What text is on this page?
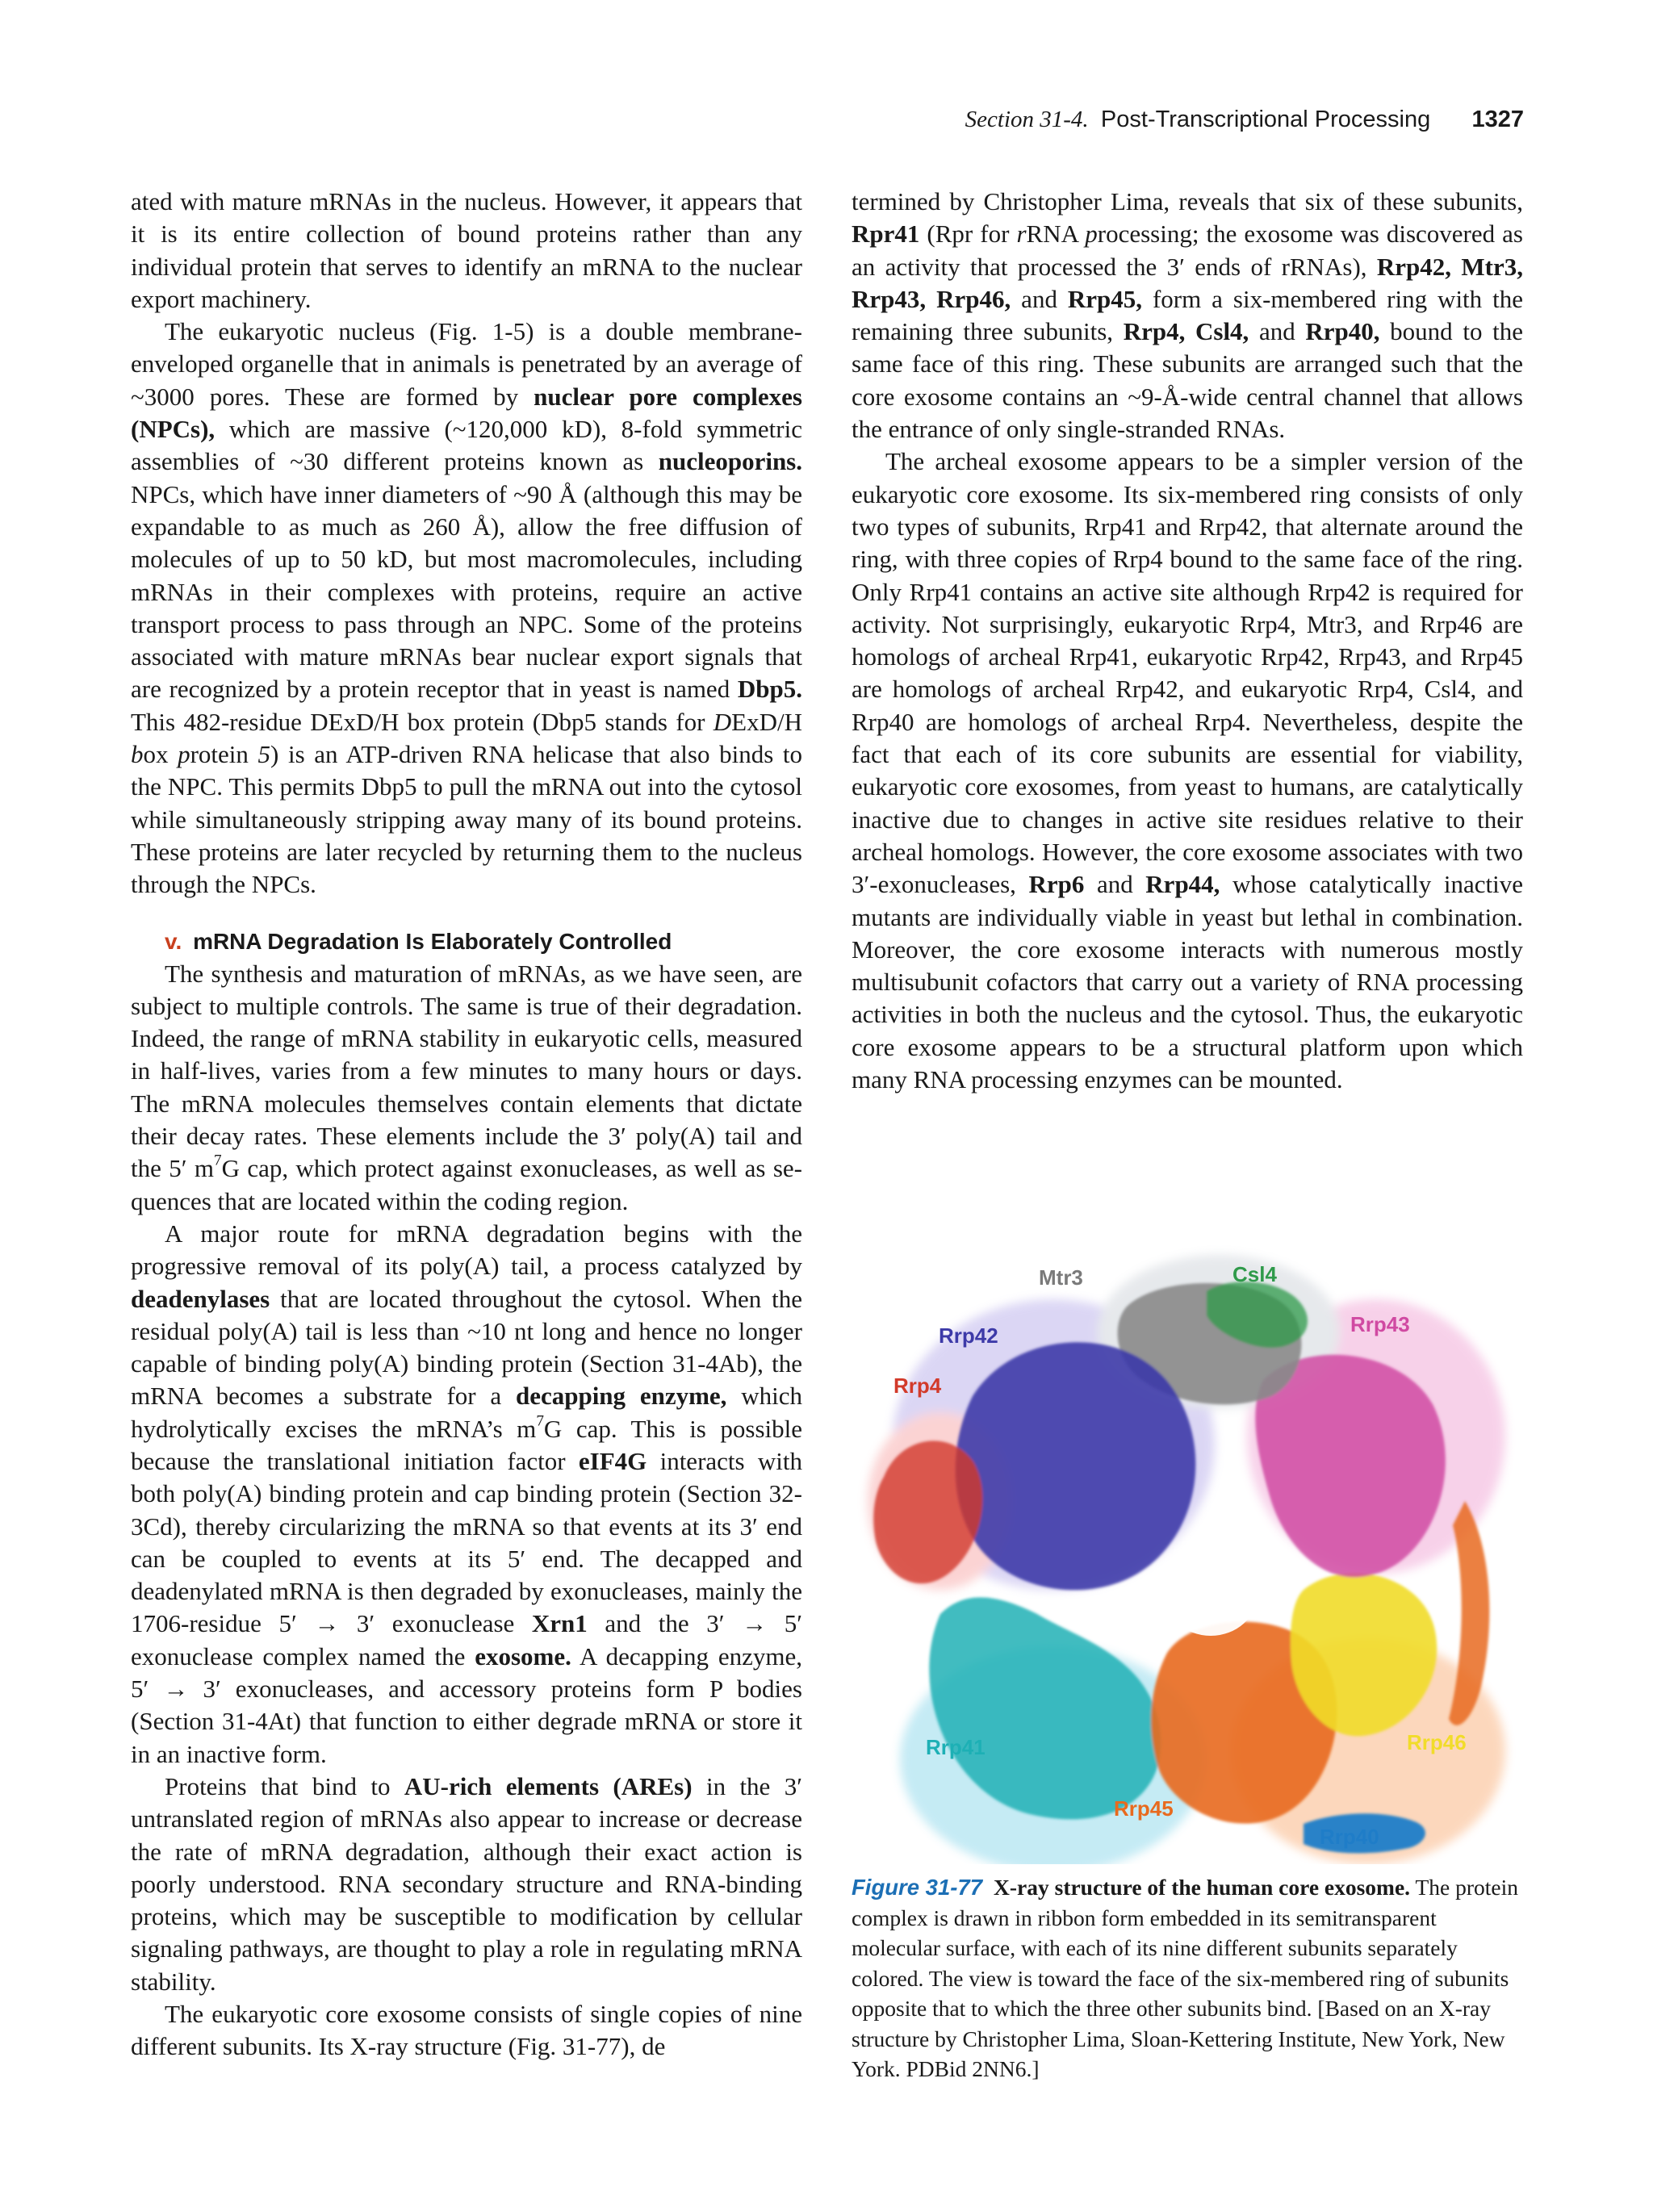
Section 31-4. Post-Transcriptional Processing 1327

ated with mature mRNAs in the nucleus. However, it appears that it is its entire collection of bound proteins rather than any individual protein that serves to identify an mRNA to the nuclear export machinery.

The eukaryotic nucleus (Fig. 1-5) is a double membrane-enveloped organelle that in animals is penetrated by an average of ~3000 pores. These are formed by nuclear pore complexes (NPCs), which are massive (~120,000 kD), 8-fold symmetric assemblies of ~30 different proteins known as nucleoporins. NPCs, which have inner diameters of ~90 Å (although this may be expandable to as much as 260 Å), allow the free diffusion of molecules of up to 50 kD, but most macromolecules, including mRNAs in their complexes with proteins, require an active transport process to pass through an NPC. Some of the proteins associated with mature mRNAs bear nuclear export signals that are recognized by a protein receptor that in yeast is named Dbp5. This 482-residue DExD/H box protein (Dbp5 stands for DExD/H box protein 5) is an ATP-driven RNA helicase that also binds to the NPC. This permits Dbp5 to pull the mRNA out into the cytosol while simultaneously stripping away many of its bound proteins. These proteins are later recycled by returning them to the nucleus through the NPCs.

v. mRNA Degradation Is Elaborately Controlled

The synthesis and maturation of mRNAs, as we have seen, are subject to multiple controls. The same is true of their degradation. Indeed, the range of mRNA stability in eukaryotic cells, measured in half-lives, varies from a few minutes to many hours or days. The mRNA molecules themselves contain elements that dictate their decay rates. These elements include the 3′ poly(A) tail and the 5′ $m^7G$ cap, which protect against exonucleases, as well as sequences that are located within the coding region.

A major route for mRNA degradation begins with the progressive removal of its poly(A) tail, a process catalyzed by deadenylases that are located throughout the cytosol. When the residual poly(A) tail is less than ~10 nt long and hence no longer capable of binding poly(A) binding protein (Section 31-4Ab), the mRNA becomes a substrate for a decapping enzyme, which hydrolytically excises the mRNA’s $m^7G$ cap. This is possible because the translational initiation factor eIF4G interacts with both poly(A) binding protein and cap binding protein (Section 32-3Cd), thereby circularizing the mRNA so that events at its 3′ end can be coupled to events at its 5′ end. The decapped and deadenylated mRNA is then degraded by exonucleases, mainly the 1706-residue 5′ → 3′ exonuclease Xrn1 and the 3′ → 5′ exonuclease complex named the exosome. A decapping enzyme, 5′ → 3′ exonucleases, and accessory proteins form P bodies (Section 31-4At) that function to either degrade mRNA or store it in an inactive form.

Proteins that bind to AU-rich elements (AREs) in the 3′ untranslated region of mRNAs also appear to increase or decrease the rate of mRNA degradation, although their exact action is poorly understood. RNA secondary structure and RNA-binding proteins, which may be susceptible to modification by cellular signaling pathways, are thought to play a role in regulating mRNA stability.

The eukaryotic core exosome consists of single copies of nine different subunits. Its X-ray structure (Fig. 31-77), de

termined by Christopher Lima, reveals that six of these subunits, Rpr41 (Rpr for rRNA processing; the exosome was discovered as an activity that processed the 3′ ends of rRNAs), Rrp42, Mtr3, Rrp43, Rrp46, and Rrp45, form a six-membered ring with the remaining three subunits, Rrp4, Csl4, and Rrp40, bound to the same face of this ring. These subunits are arranged such that the core exosome contains an ~9-Å-wide central channel that allows the entrance of only single-stranded RNAs.

The archeal exosome appears to be a simpler version of the eukaryotic core exosome. Its six-membered ring consists of only two types of subunits, Rrp41 and Rrp42, that alternate around the ring, with three copies of Rrp4 bound to the same face of the ring. Only Rrp41 contains an active site although Rrp42 is required for activity. Not surprisingly, eukaryotic Rrp4, Mtr3, and Rrp46 are homologs of archeal Rrp41, eukaryotic Rrp42, Rrp43, and Rrp45 are homologs of archeal Rrp42, and eukaryotic Rrp4, Csl4, and Rrp40 are homologs of archeal Rrp4. Nevertheless, despite the fact that each of its core subunits are essential for viability, eukaryotic core exosomes, from yeast to humans, are catalytically inactive due to changes in active site residues relative to their archeal homologs. However, the core exosome associates with two 3′-exonucleases, Rrp6 and Rrp44, whose catalytically inactive mutants are individually viable in yeast but lethal in combination. Moreover, the core exosome interacts with numerous mostly multisubunit cofactors that carry out a variety of RNA processing activities in both the nucleus and the cytosol. Thus, the eukaryotic core exosome appears to be a structural platform upon which many RNA processing enzymes can be mounted.

Mtr3	Csl4
Rrp42	Rrp43
Rrp4
Rrp41	Rrp46
Rrp45
Rrp40
Figure 31-77 X-ray structure of the human core exosome. The protein complex is drawn in ribbon form embedded in its semitransparent molecular surface, with each of its nine different subunits separately colored. The view is toward the face of the six-membered ring of subunits opposite that to which the three other subunits bind. [Based on an X-ray structure by Christopher Lima, Sloan-Kettering Institute, New York, New York. PDBid 2NN6.]
